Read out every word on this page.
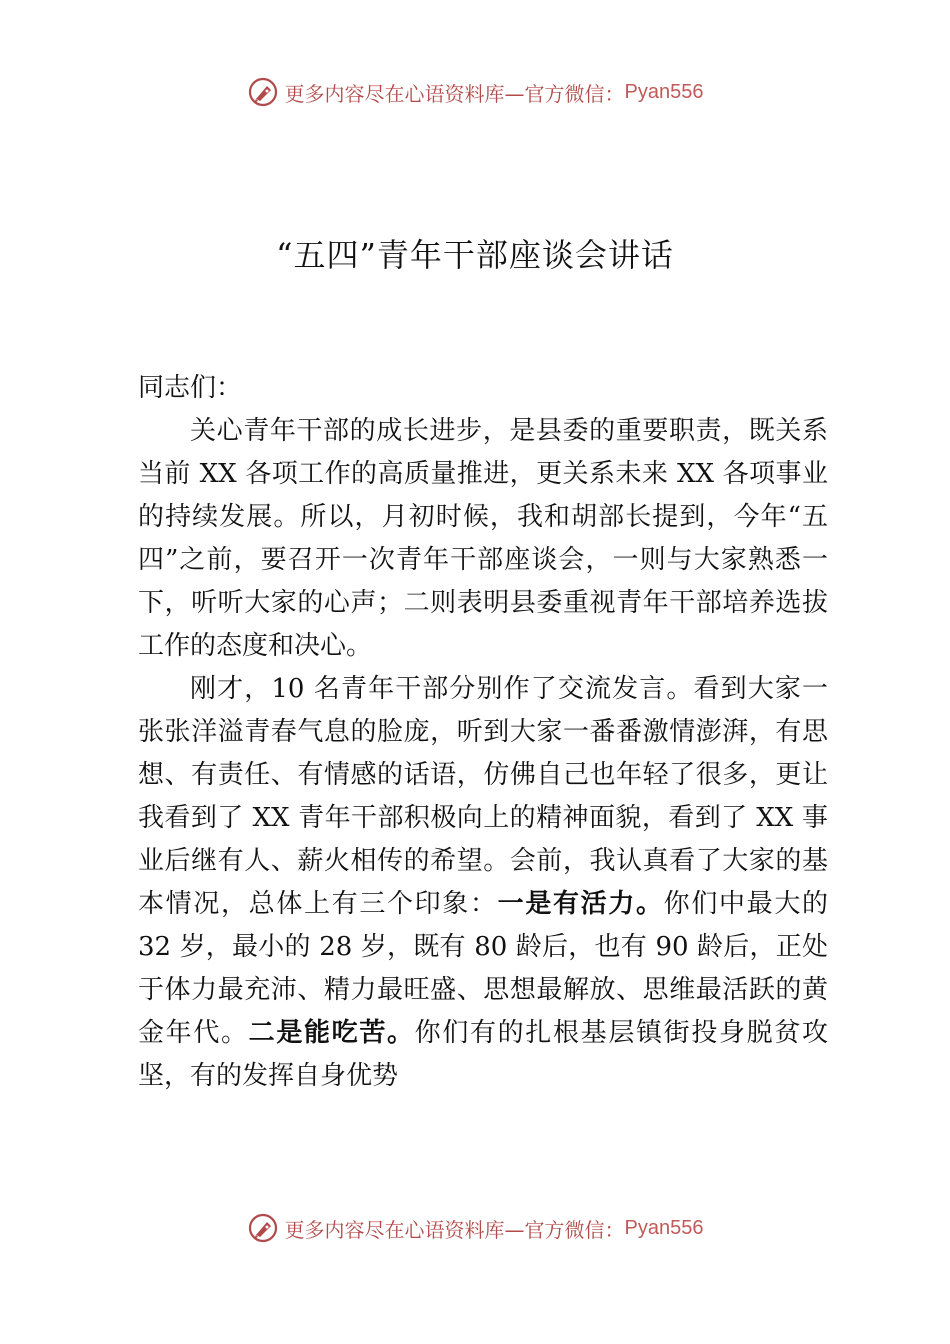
更多内容尽在心语资料库—官方微信： Pyan556
“五四”青年干部座谈会讲话

同志们：

关心青年干部的成长进步，是县委的重要职责，既关系当前 XX 各项工作的高质量推进，更关系未来 XX 各项事业的持续发展。所以，月初时候，我和胡部长提到，今年“五四”之前，要召开一次青年干部座谈会，一则与大家熟悉一下，听听大家的心声；二则表明县委重视青年干部培养选拔工作的态度和决心。

刚才，10 名青年干部分别作了交流发言。看到大家一张张洋溢青春气息的脸庞，听到大家一番番激情澎湃，有思想、有责任、有情感的话语，仿佛自己也年轻了很多，更让我看到了 XX 青年干部积极向上的精神面貌，看到了 XX 事业后继有人、薪火相传的希望。会前，我认真看了大家的基本情况，总体上有三个印象：一是有活力。你们中最大的 32 岁，最小的 28 岁，既有 80 龄后，也有 90 龄后，正处于体力最充沛、精力最旺盛、思想最解放、思维最活跃的黄金年代。二是能吃苦。你们有的扎根基层镇街投身脱贫攻坚，有的发挥自身优势

更多内容尽在心语资料库—官方微信： Pyan556
